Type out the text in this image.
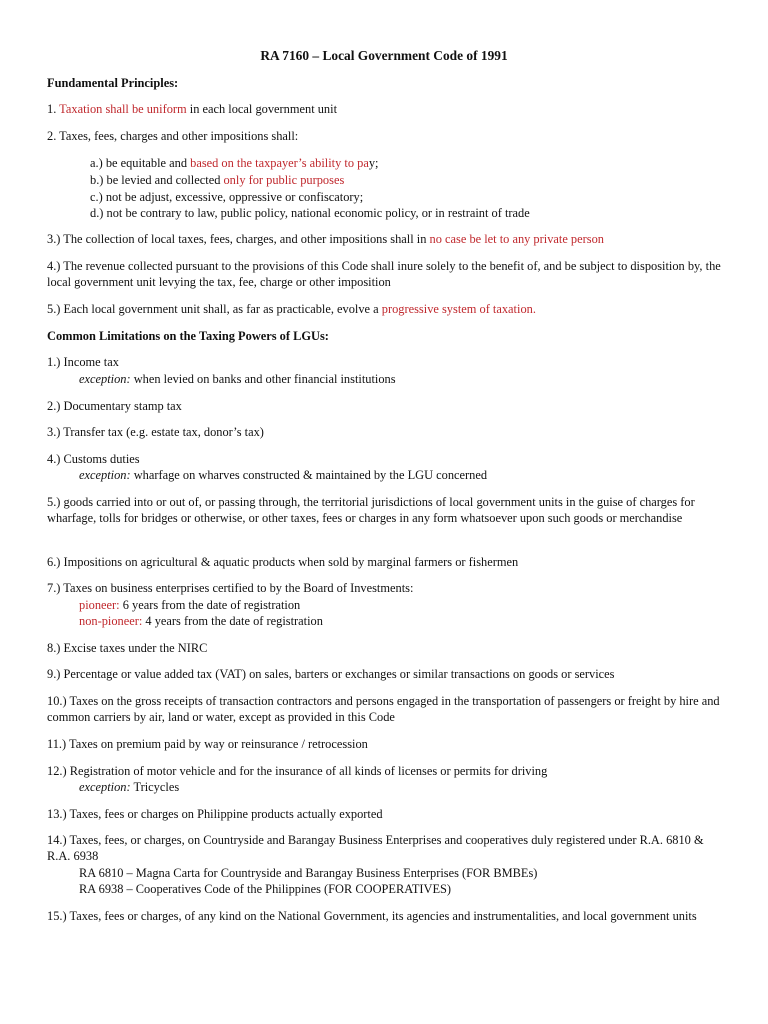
RA 7160 – Local Government Code of 1991
Fundamental Principles:
1. Taxation shall be uniform in each local government unit
2. Taxes, fees, charges and other impositions shall:
a.) be equitable and based on the taxpayer’s ability to pay;
b.) be levied and collected only for public purposes
c.) not be adjust, excessive, oppressive or confiscatory;
d.) not be contrary to law, public policy, national economic policy, or in restraint of trade
3.) The collection of local taxes, fees, charges, and other impositions shall in no case be let to any private person
4.) The revenue collected pursuant to the provisions of this Code shall inure solely to the benefit of, and be subject to disposition by, the local government unit levying the tax, fee, charge or other imposition
5.) Each local government unit shall, as far as practicable, evolve a progressive system of taxation.
Common Limitations on the Taxing Powers of LGUs:
1.) Income tax
exception: when levied on banks and other financial institutions
2.) Documentary stamp tax
3.) Transfer tax (e.g. estate tax, donor’s tax)
4.) Customs duties
exception: wharfage on wharves constructed & maintained by the LGU concerned
5.) goods carried into or out of, or passing through, the territorial jurisdictions of local government units in the guise of charges for wharfage, tolls for bridges or otherwise, or other taxes, fees or charges in any form whatsoever upon such goods or merchandise
6.) Impositions on agricultural & aquatic products when sold by marginal farmers or fishermen
7.) Taxes on business enterprises certified to by the Board of Investments:
pioneer: 6 years from the date of registration
non-pioneer: 4 years from the date of registration
8.) Excise taxes under the NIRC
9.) Percentage or value added tax (VAT) on sales, barters or exchanges or similar transactions on goods or services
10.) Taxes on the gross receipts of transaction contractors and persons engaged in the transportation of passengers or freight by hire and common carriers by air, land or water, except as provided in this Code
11.) Taxes on premium paid by way or reinsurance / retrocession
12.) Registration of motor vehicle and for the insurance of all kinds of licenses or permits for driving
exception: Tricycles
13.) Taxes, fees or charges on Philippine products actually exported
14.) Taxes, fees, or charges, on Countryside and Barangay Business Enterprises and cooperatives duly registered under R.A. 6810 & R.A. 6938
RA 6810 – Magna Carta for Countryside and Barangay Business Enterprises (FOR BMBEs)
RA 6938 – Cooperatives Code of the Philippines (FOR COOPERATIVES)
15.) Taxes, fees or charges, of any kind on the National Government, its agencies and instrumentalities, and local government units
